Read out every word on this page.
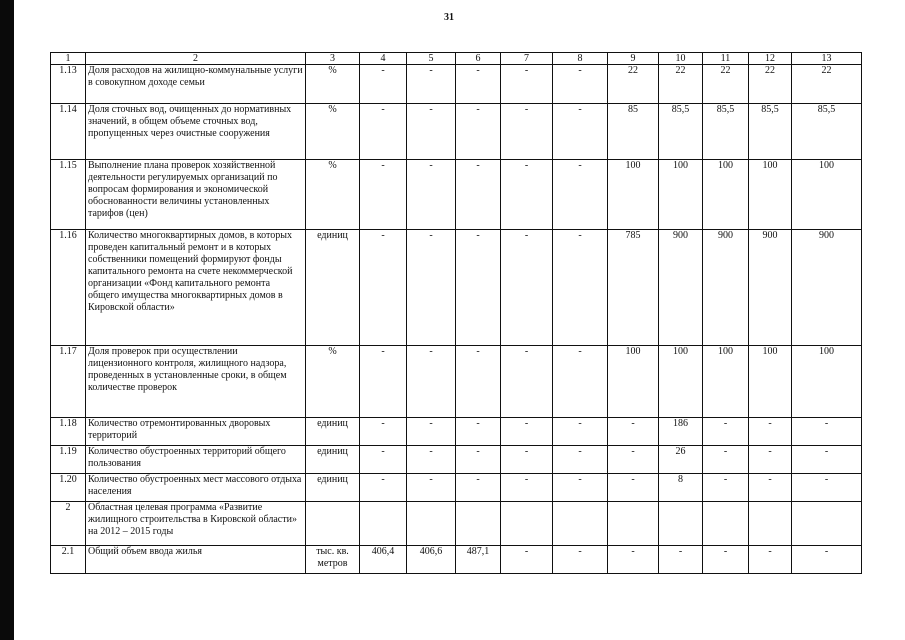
31
1	2	3	4	5	6	7	8	9	10	11	12	13
1.13	Доля расходов на жилищно-коммунальные услуги в совокупном доходе семьи	%	-	-	-	-	-	22	22	22	22	22
1.14	Доля сточных вод, очищенных до нормативных значений, в общем объеме сточных вод, пропущенных через очистные сооружения	%	-	-	-	-	-	85	85,5	85,5	85,5	85,5
1.15	Выполнение плана проверок хозяйственной деятельности регулируемых организаций по вопросам формирования и экономической обоснованности величины установленных тарифов (цен)	%	-	-	-	-	-	100	100	100	100	100
1.16	Количество многоквартирных домов, в которых проведен капитальный ремонт и в которых собственники помещений формируют фонды капитального ремонта на счете некоммерческой организации «Фонд капитального ремонта общего имущества многоквартирных домов в Кировской области»	единиц	-	-	-	-	-	785	900	900	900	900
1.17	Доля проверок при осуществлении лицензионного контроля, жилищного надзора, проведенных в установленные сроки, в общем количестве проверок	%	-	-	-	-	-	100	100	100	100	100
1.18	Количество отремонтированных дворовых территорий	единиц	-	-	-	-	-	-	186	-	-	-
1.19	Количество обустроенных территорий общего пользования	единиц	-	-	-	-	-	-	26	-	-	-
1.20	Количество обустроенных мест массового отдыха населения	единиц	-	-	-	-	-	-	8	-	-	-
2	Областная целевая программа «Развитие жилищного строительства в Кировской области» на 2012 – 2015 годы											
2.1	Общий объем ввода жилья	тыс. кв. метров	406,4	406,6	487,1	-	-	-	-	-	-	-
